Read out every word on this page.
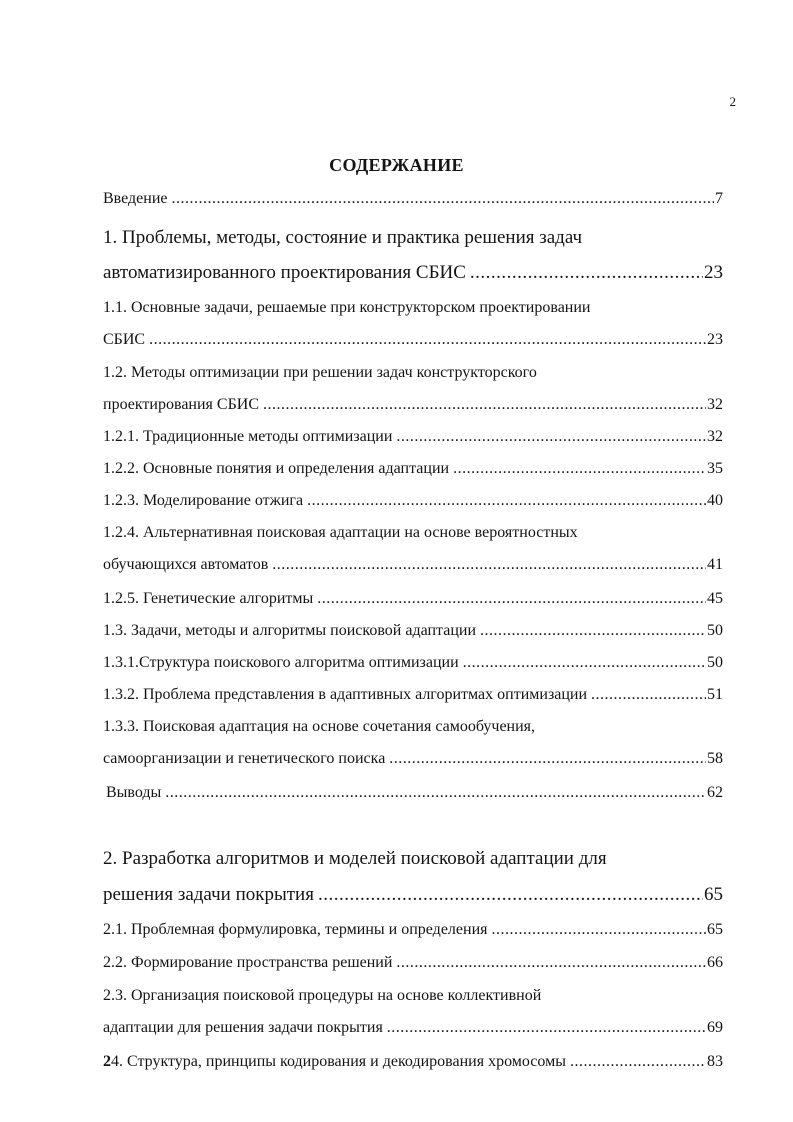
2
СОДЕРЖАНИЕ
Введение .....	7
1. Проблемы, методы, состояние и практика решения задач
автоматизированного проектирования СБИС .....	23
1.1. Основные задачи, решаемые при конструкторском проектировании
СБИС .....	23
1.2. Методы оптимизации при решении задач конструкторского
проектирования СБИС .....	32
1.2.1. Традиционные методы оптимизации .....	32
1.2.2. Основные понятия и определения адаптации .....	35
1.2.3. Моделирование отжига .....	40
1.2.4. Альтернативная поисковая адаптации на основе вероятностных
обучающихся автоматов .....	41
1.2.5. Генетические алгоритмы .....	45
1.3. Задачи, методы и алгоритмы поисковой адаптации .....	50
1.3.1.Структура поискового алгоритма оптимизации .....	50
1.3.2. Проблема представления в адаптивных алгоритмах оптимизации .....	51
1.3.3. Поисковая адаптация на основе сочетания самообучения,
самоорганизации и генетического поиска .....	58
Выводы .....	62
2. Разработка алгоритмов и моделей поисковой адаптации для
решения задачи покрытия .....	65
2.1. Проблемная формулировка, термины и определения .....	65
2.2. Формирование пространства решений .....	66
2.3. Организация поисковой процедуры на основе коллективной
адаптации для решения задачи покрытия .....	69
24. Структура, принципы кодирования и декодирования хромосомы .....	83
